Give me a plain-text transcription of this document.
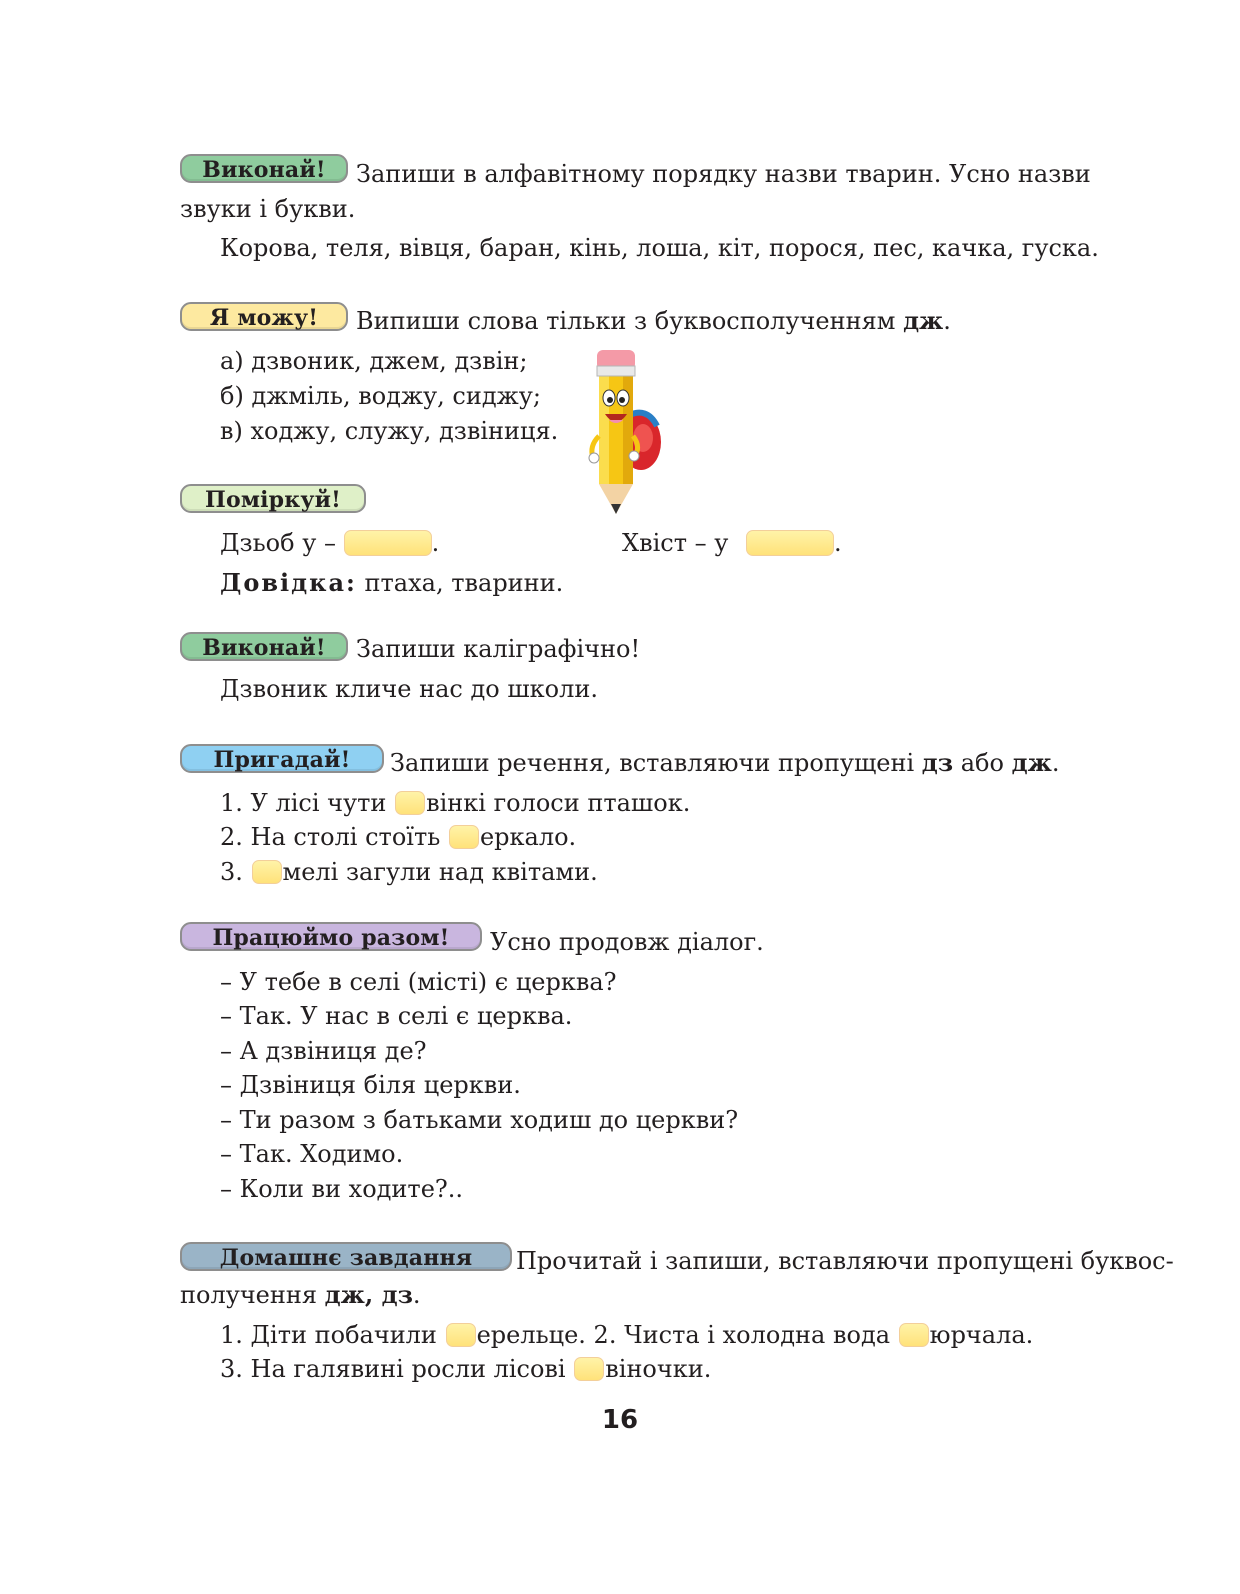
Виконай!	Запиши в алфавітному порядку назви тварин. Усно назви звуки і букви.
Корова, теля, вівця, баран, кінь, лоша, кіт, порося, пес, качка, гуска.
Я можу!	Випиши слова тільки з буквосполученням дж.
а) дзвоник, джем, дзвін;
б) джміль, воджу, сиджу;
в) ходжу, служу, дзвіниця.
Поміркуй!
Дзьоб у –	.	Хвіст – у	.
Довідка: птаха, тварини.
Виконай!	Запиши каліграфічно!
Дзвоник кличе нас до школи.
Пригадай!	Запиши речення, вставляючи пропущені дз або дж.
1. У лісі чути вінкі голоси пташок.
2. На столі стоїть еркало.
3. мелі загули над квітами.
Працюймо разом!	Усно продовж діалог.
– У тебе в селі (місті) є церква?
– Так. У нас в селі є церква.
– А дзвіниця де?
– Дзвіниця біля церкви.
– Ти разом з батьками ходиш до церкви?
– Так. Ходимо.
– Коли ви ходите?..
Домашнє завдання	Прочитай і запиши, вставляючи пропущені буквос-
получення дж, дз.
1. Діти побачили ерельце. 2. Чиста і холодна вода юрчала.
3. На галявині росли лісові віночки.
16
